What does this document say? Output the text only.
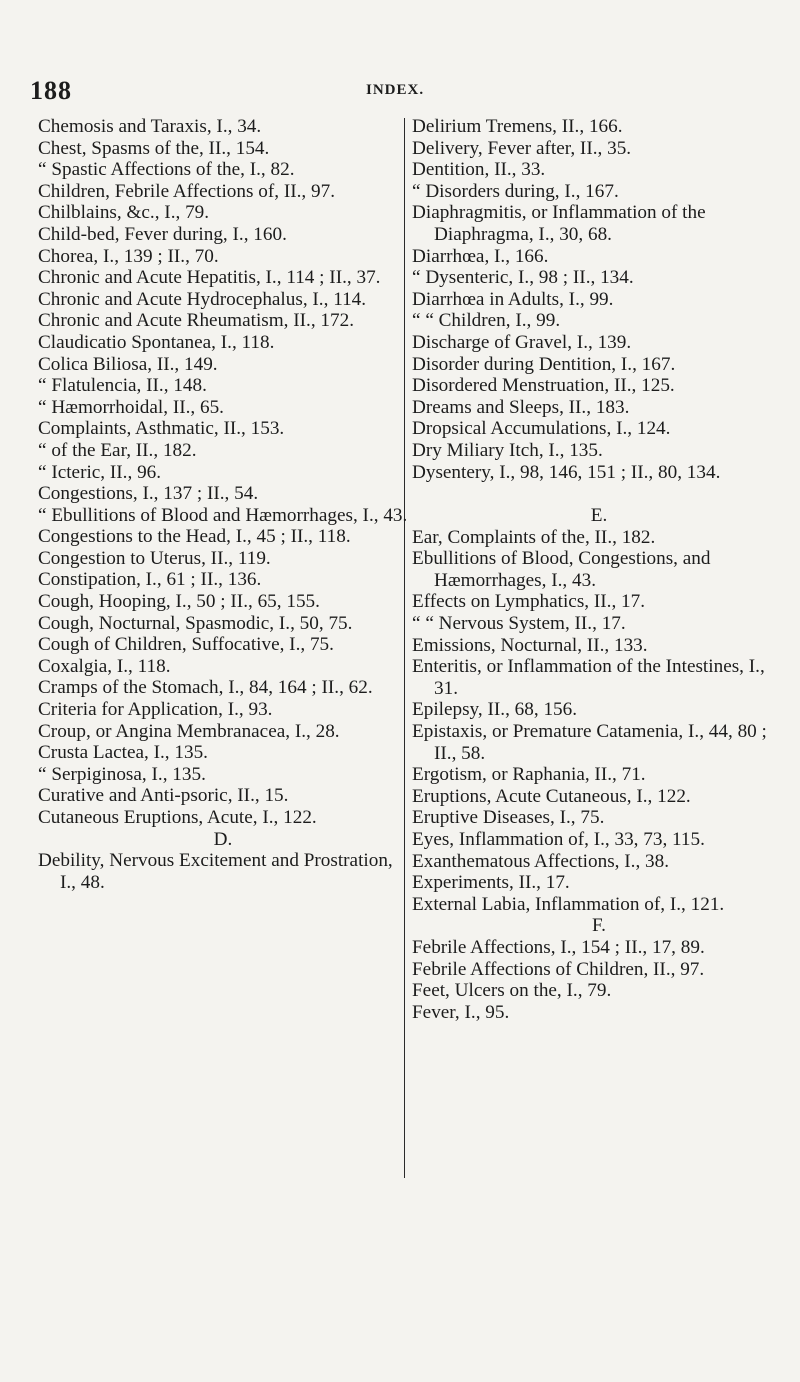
188	INDEX.

Chemosis and Taraxis, I., 34.

Chest, Spasms of the, II., 154.

“ Spastic Affections of the, I., 82.

Children, Febrile Affections of, II., 97.

Chilblains, &c., I., 79.

Child-bed, Fever during, I., 160.

Chorea, I., 139 ; II., 70.

Chronic and Acute Hepatitis, I., 114 ; II., 37.

Chronic and Acute Hydrocephalus, I., 114.

Chronic and Acute Rheumatism, II., 172.

Claudicatio Spontanea, I., 118.

Colica Biliosa, II., 149.

“ Flatulencia, II., 148.

“ Hæmorrhoidal, II., 65.

Complaints, Asthmatic, II., 153.

“ of the Ear, II., 182.

“ Icteric, II., 96.

Congestions, I., 137 ; II., 54.

“ Ebullitions of Blood and Hæmorrhages, I., 43.

Congestions to the Head, I., 45 ; II., 118.

Congestion to Uterus, II., 119.

Constipation, I., 61 ; II., 136.

Cough, Hooping, I., 50 ; II., 65, 155.

Cough, Nocturnal, Spasmodic, I., 50, 75.

Cough of Children, Suffocative, I., 75.

Coxalgia, I., 118.

Cramps of the Stomach, I., 84, 164 ; II., 62.

Criteria for Application, I., 93.

Croup, or Angina Membranacea, I., 28.

Crusta Lactea, I., 135.

“ Serpiginosa, I., 135.

Curative and Anti-psoric, II., 15.

Cutaneous Eruptions, Acute, I., 122.

D.

Debility, Nervous Excitement and Prostration, I., 48.

Delirium Tremens, II., 166.

Delivery, Fever after, II., 35.

Dentition, II., 33.

“ Disorders during, I., 167.

Diaphragmitis, or Inflammation of the Diaphragma, I., 30, 68.

Diarrhœa, I., 166.

“ Dysenteric, I., 98 ; II., 134.

Diarrhœa in Adults, I., 99.

“ “ Children, I., 99.

Discharge of Gravel, I., 139.

Disorder during Dentition, I., 167.

Disordered Menstruation, II., 125.

Dreams and Sleeps, II., 183.

Dropsical Accumulations, I., 124.

Dry Miliary Itch, I., 135.

Dysentery, I., 98, 146, 151 ; II., 80, 134.

E.

Ear, Complaints of the, II., 182.

Ebullitions of Blood, Congestions, and Hæmorrhages, I., 43.

Effects on Lymphatics, II., 17.

“ “ Nervous System, II., 17.

Emissions, Nocturnal, II., 133.

Enteritis, or Inflammation of the Intestines, I., 31.

Epilepsy, II., 68, 156.

Epistaxis, or Premature Catamenia, I., 44, 80 ; II., 58.

Ergotism, or Raphania, II., 71.

Eruptions, Acute Cutaneous, I., 122.

Eruptive Diseases, I., 75.

Eyes, Inflammation of, I., 33, 73, 115.

Exanthematous Affections, I., 38.

Experiments, II., 17.

External Labia, Inflammation of, I., 121.

F.

Febrile Affections, I., 154 ; II., 17, 89.

Febrile Affections of Children, II., 97.

Feet, Ulcers on the, I., 79.

Fever, I., 95.
